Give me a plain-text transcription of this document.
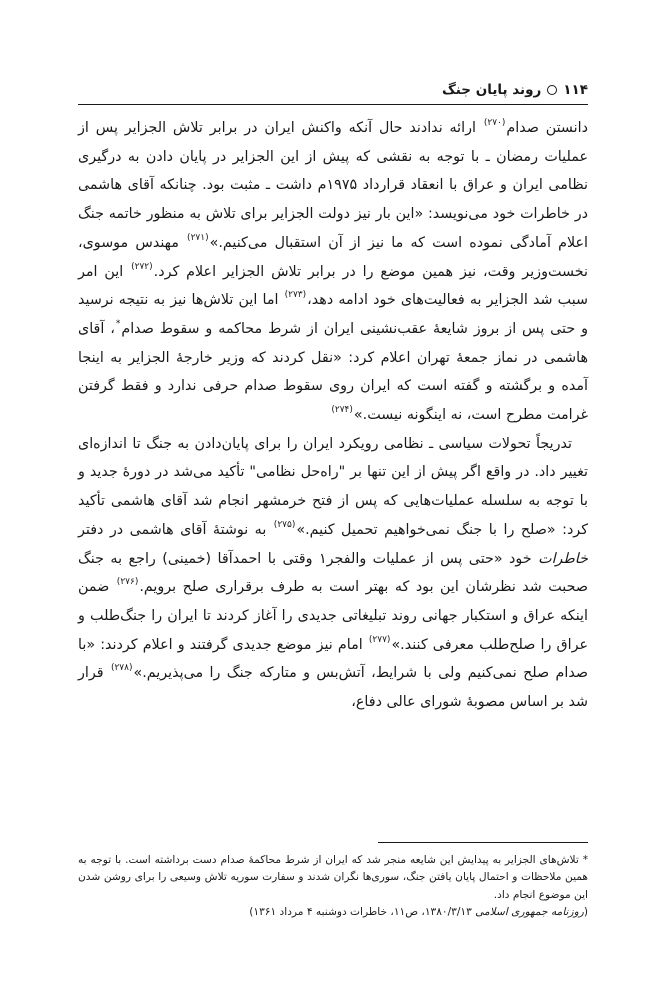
۱۱۴
روند پایان جنگ

دانستن صدام$^{(۲۷۰)}$ ارائه ندادند حال آنکه واکنش ایران در برابر تلاش الجزایر پس از عملیات رمضان ـ با توجه به نقشی که پیش از این الجزایر در پایان دادن به درگیری نظامی ایران و عراق با انعقاد قرارداد ۱۹۷۵م داشت ـ مثبت بود. چنانکه آقای هاشمی در خاطرات خود می‌نویسد: «این بار نیز دولت الجزایر برای تلاش به منظور خاتمه جنگ اعلام آمادگی نموده است که ما نیز از آن استقبال می‌کنیم.»$^{(۲۷۱)}$ مهندس موسوی، نخست‌وزیر وقت، نیز همین موضع را در برابر تلاش الجزایر اعلام کرد.$^{(۲۷۲)}$ این امر سبب شد الجزایر به فعالیت‌های خود ادامه دهد،$^{(۲۷۳)}$ اما این تلاش‌ها نیز به نتیجه نرسید و حتی پس از بروز شایعهٔ عقب‌نشینی ایران از شرط محاکمه و سقوط صدام*، آقای هاشمی در نماز جمعهٔ تهران اعلام کرد: «نقل کردند که وزیر خارجهٔ الجزایر به اینجا آمده و برگشته و گفته است که ایران روی سقوط صدام حرفی ندارد و فقط گرفتن غرامت مطرح است، نه اینگونه نیست.»$^{(۲۷۴)}$

تدریجاً تحولات سیاسی ـ نظامی رویکرد ایران را برای پایان‌دادن به جنگ تا اندازه‌ای تغییر داد. در واقع اگر پیش از این تنها بر "راه‌حل نظامی" تأکید می‌شد در دورهٔ جدید و با توجه به سلسله عملیات‌هایی که پس از فتح خرمشهر انجام شد آقای هاشمی تأکید کرد: «صلح را با جنگ نمی‌خواهیم تحمیل کنیم.»$^{(۲۷۵)}$ به نوشتهٔ آقای هاشمی در دفتر خاطرات خود «حتی پس از عملیات والفجر۱ وقتی با احمدآقا (خمینی) راجع به جنگ صحبت شد نظرشان این بود که بهتر است به طرف برقراری صلح برویم.$^{(۲۷۶)}$ ضمن اینکه عراق و استکبار جهانی روند تبلیغاتی جدیدی را آغاز کردند تا ایران را جنگ‌طلب و عراق را صلح‌طلب معرفی کنند.»$^{(۲۷۷)}$ امام نیز موضع جدیدی گرفتند و اعلام کردند: «با صدام صلح نمی‌کنیم ولی با شرایط، آتش‌بس و متارکه جنگ را می‌پذیریم.»$^{(۲۷۸)}$ قرار شد بر اساس مصوبهٔ شورای عالی دفاع،

* تلاش‌های الجزایر به پیدایش این شایعه منجر شد که ایران از شرط محاکمهٔ صدام دست برداشته است. با توجه به همین ملاحظات و احتمال پایان یافتن جنگ، سوری‌ها نگران شدند و سفارت سوریه تلاش وسیعی را برای روشن شدن این موضوع انجام داد.

(روزنامه جمهوری اسلامی ۱۳۸۰/۳/۱۳، ص۱۱، خاطرات دوشنبه ۴ مرداد ۱۳۶۱)
